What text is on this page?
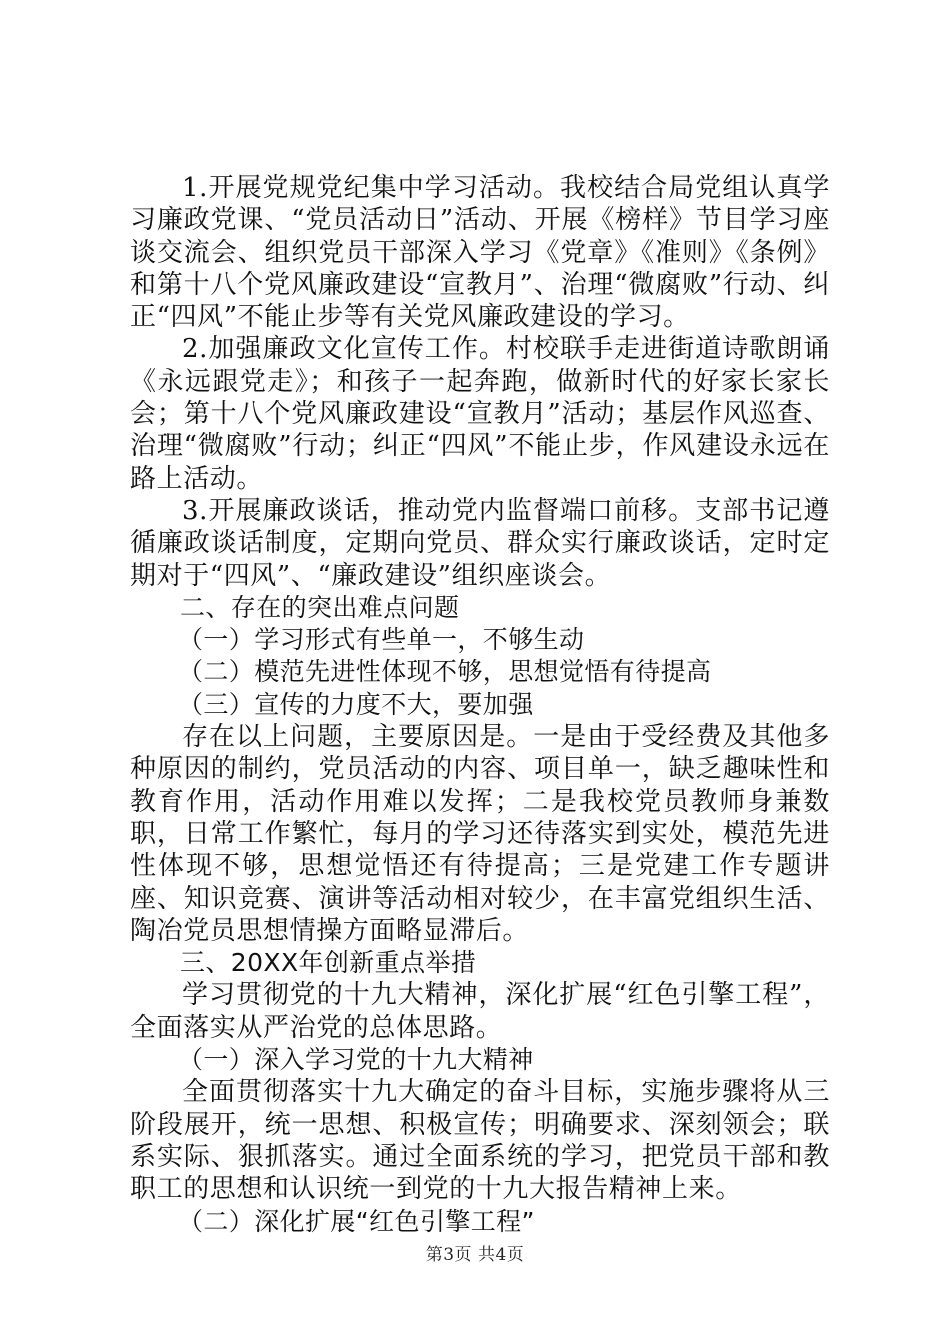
1.开展党规党纪集中学习活动。我校结合局党组认真学习廉政党课、“党员活动日”活动、开展《榜样》节目学习座谈交流会、组织党员干部深入学习《党章》《准则》《条例》和第十八个党风廉政建设“宣教月”、治理“微腐败”行动、纠正“四风”不能止步等有关党风廉政建设的学习。

2.加强廉政文化宣传工作。村校联手走进街道诗歌朗诵《永远跟党走》；和孩子一起奔跑，做新时代的好家长家长会；第十八个党风廉政建设“宣教月”活动；基层作风巡查、治理“微腐败”行动；纠正“四风”不能止步，作风建设永远在路上活动。

3.开展廉政谈话，推动党内监督端口前移。支部书记遵循廉政谈话制度，定期向党员、群众实行廉政谈话，定时定期对于“四风”、“廉政建设”组织座谈会。

二、存在的突出难点问题

（一）学习形式有些单一，不够生动

（二）模范先进性体现不够，思想觉悟有待提高

（三）宣传的力度不大，要加强

存在以上问题，主要原因是。一是由于受经费及其他多种原因的制约，党员活动的内容、项目单一，缺乏趣味性和教育作用，活动作用难以发挥；二是我校党员教师身兼数职，日常工作繁忙，每月的学习还待落实到实处，模范先进性体现不够，思想觉悟还有待提高；三是党建工作专题讲座、知识竞赛、演讲等活动相对较少，在丰富党组织生活、陶冶党员思想情操方面略显滞后。

三、20XX年创新重点举措

学习贯彻党的十九大精神，深化扩展“红色引擎工程”，全面落实从严治党的总体思路。

（一）深入学习党的十九大精神

全面贯彻落实十九大确定的奋斗目标，实施步骤将从三阶段展开，统一思想、积极宣传；明确要求、深刻领会；联系实际、狠抓落实。通过全面系统的学习，把党员干部和教职工的思想和认识统一到党的十九大报告精神上来。

（二）深化扩展“红色引擎工程”

第3页 共4页
